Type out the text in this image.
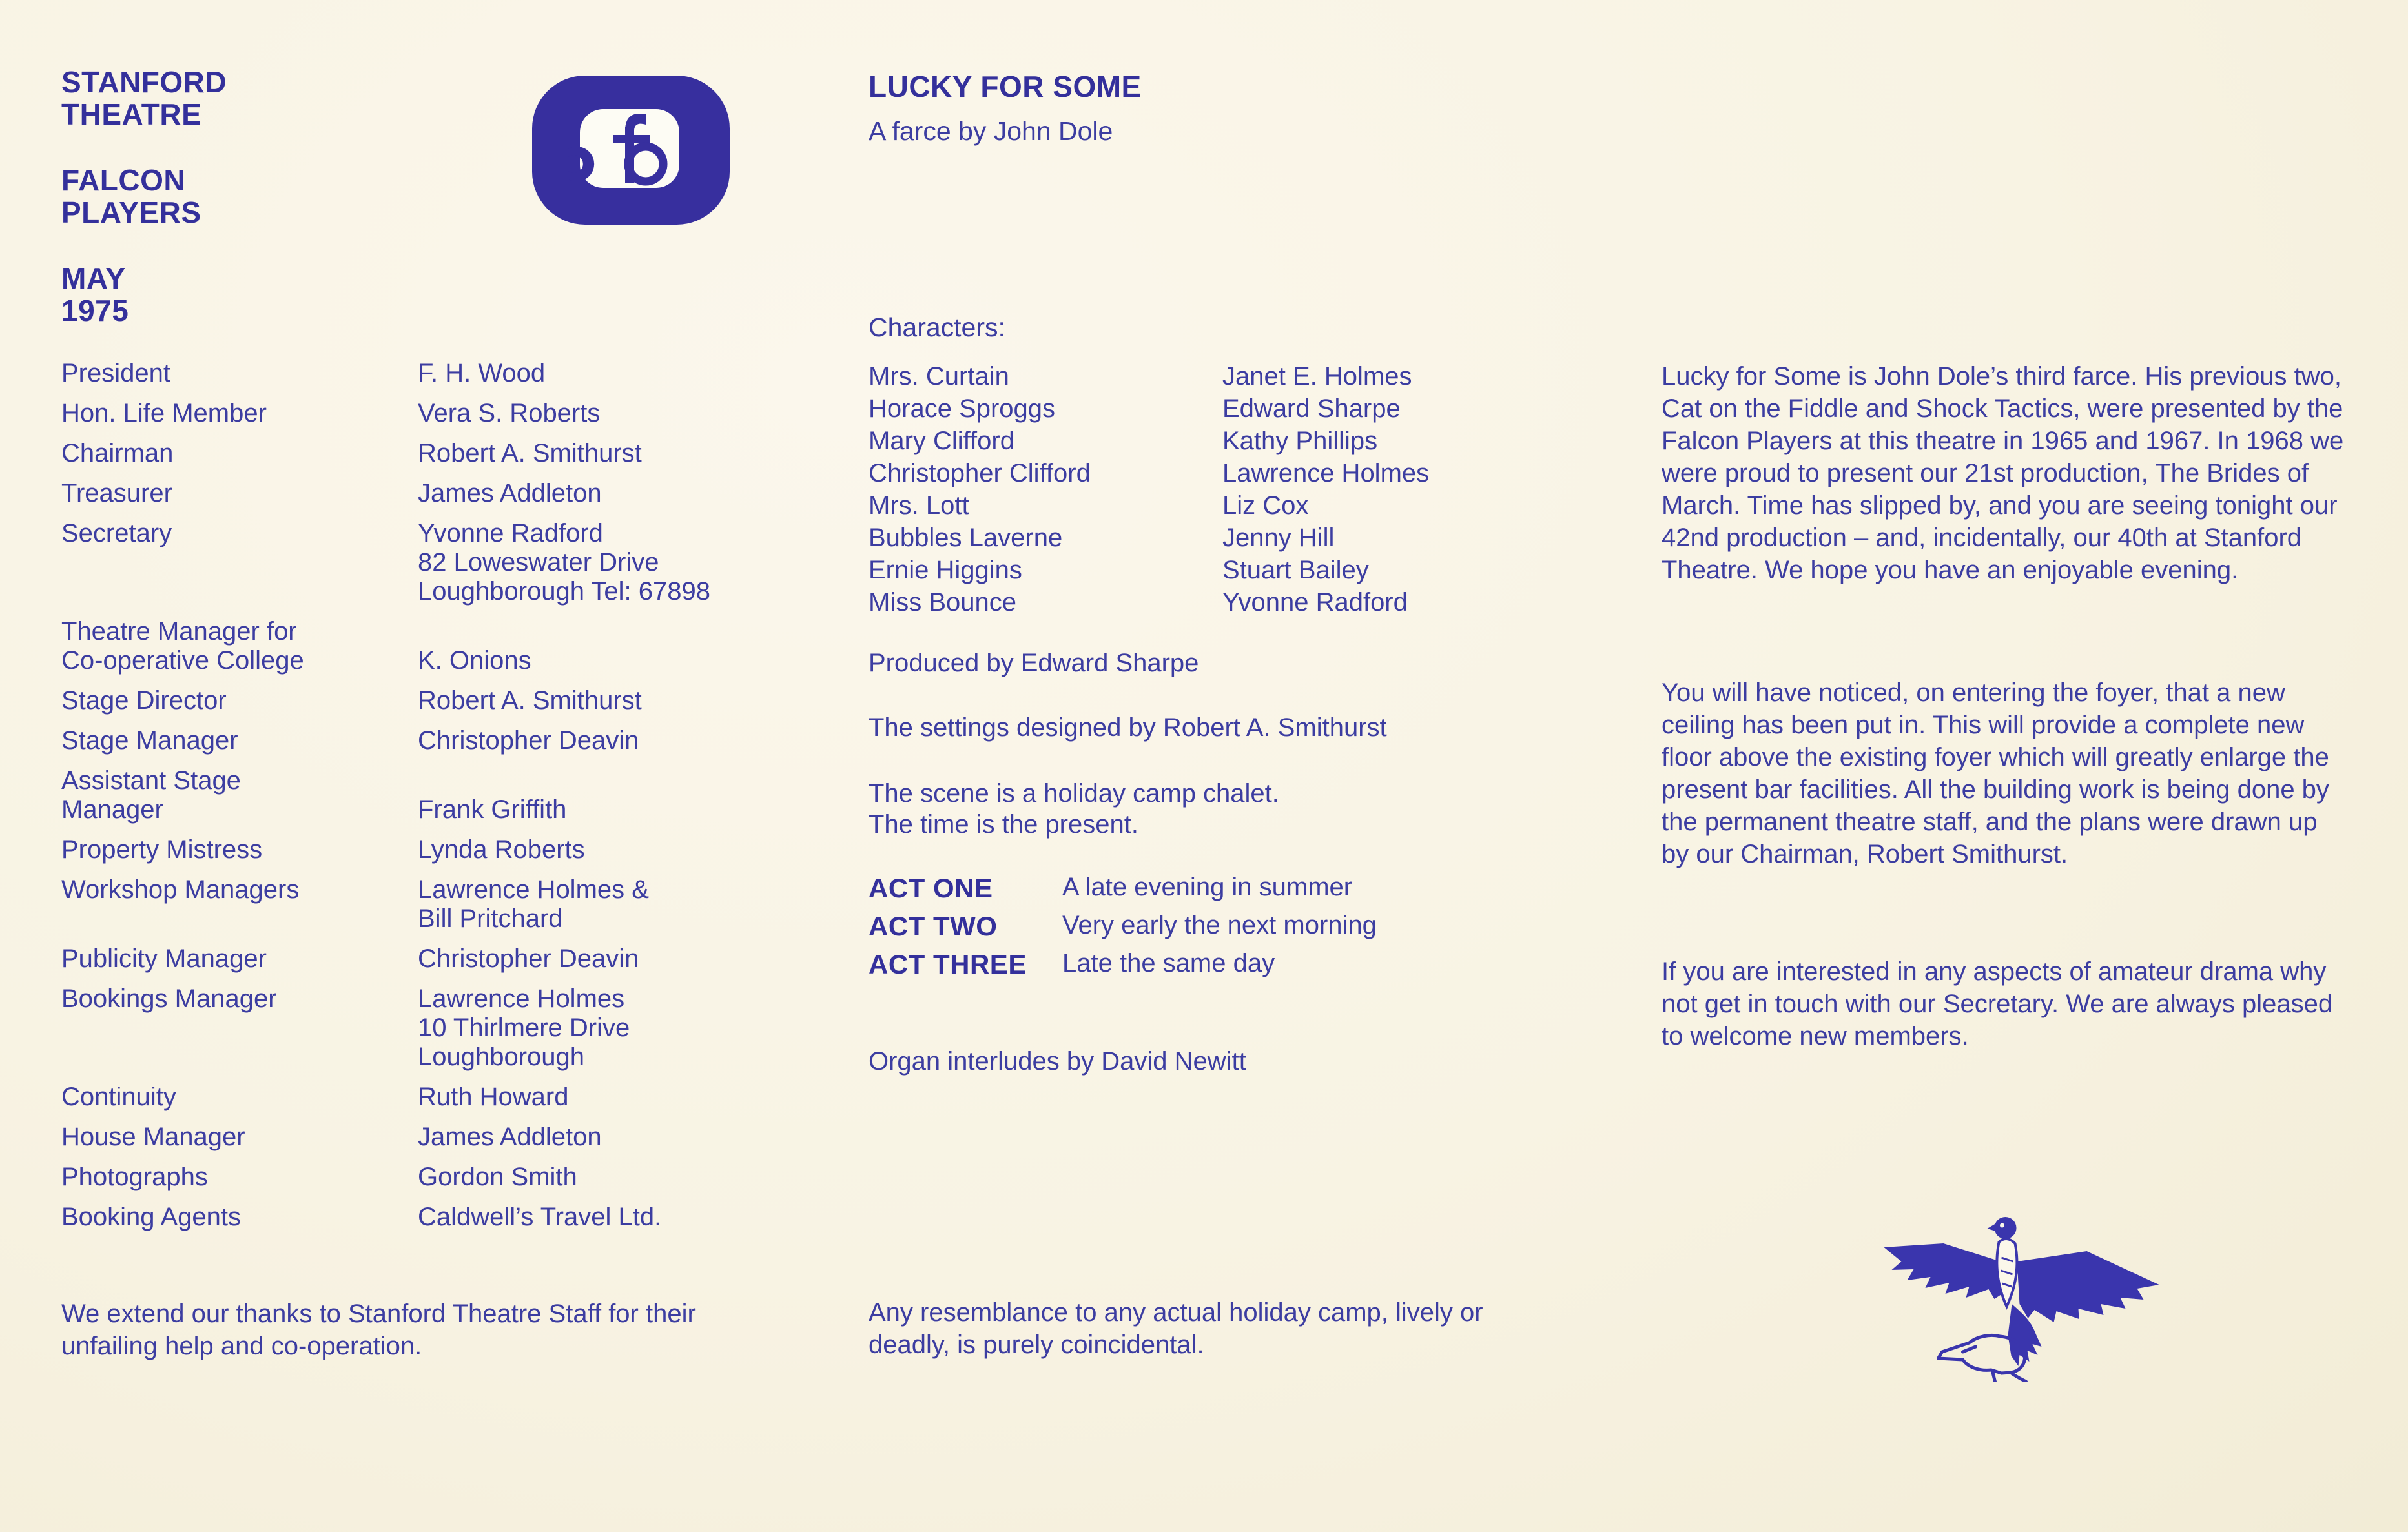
STANFORD
THEATRE
FALCON
PLAYERS
MAY
1975
President	F. H. Wood
Hon. Life Member	Vera S. Roberts
Chairman	Robert A. Smithurst
Treasurer	James Addleton
Secretary	Yvonne Radford
82 Loweswater Drive
Loughborough Tel: 67898
Theatre Manager for
Co-operative College	K. Onions
Stage Director	Robert A. Smithurst
Stage Manager	Christopher Deavin
Assistant Stage
Manager	Frank Griffith
Property Mistress	Lynda Roberts
Workshop Managers	Lawrence Holmes &
Bill Pritchard
Publicity Manager	Christopher Deavin
Bookings Manager	Lawrence Holmes
10 Thirlmere Drive
Loughborough
Continuity	Ruth Howard
House Manager	James Addleton
Photographs	Gordon Smith
Booking Agents	Caldwell’s Travel Ltd.

We extend our thanks to Stanford Theatre Staff for their unfailing help and co-operation.

LUCKY FOR SOME

A farce by John Dole

Characters:
Mrs. Curtain	Janet E. Holmes
Horace Sproggs	Edward Sharpe
Mary Clifford	Kathy Phillips
Christopher Clifford	Lawrence Holmes
Mrs. Lott	Liz Cox
Bubbles Laverne	Jenny Hill
Ernie Higgins	Stuart Bailey
Miss Bounce	Yvonne Radford

Produced by Edward Sharpe

The settings designed by Robert A. Smithurst

The scene is a holiday camp chalet.
The time is the present.
ACT ONE	A late evening in summer
ACT TWO	Very early the next morning
ACT THREE	Late the same day

Organ interludes by David Newitt

Any resemblance to any actual holiday camp, lively or deadly, is purely coincidental.

Lucky for Some is John Dole’s third farce. His previous two, Cat on the Fiddle and Shock Tactics, were presented by the Falcon Players at this theatre in 1965 and 1967. In 1968 we were proud to present our 21st production, The Brides of March. Time has slipped by, and you are seeing tonight our 42nd production – and, incidentally, our 40th at Stanford Theatre. We hope you have an enjoyable evening.

You will have noticed, on entering the foyer, that a new ceiling has been put in. This will provide a complete new floor above the existing foyer which will greatly enlarge the present bar facilities. All the building work is being done by the permanent theatre staff, and the plans were drawn up by our Chairman, Robert Smithurst.

If you are interested in any aspects of amateur drama why not get in touch with our Secretary. We are always pleased to welcome new members.
